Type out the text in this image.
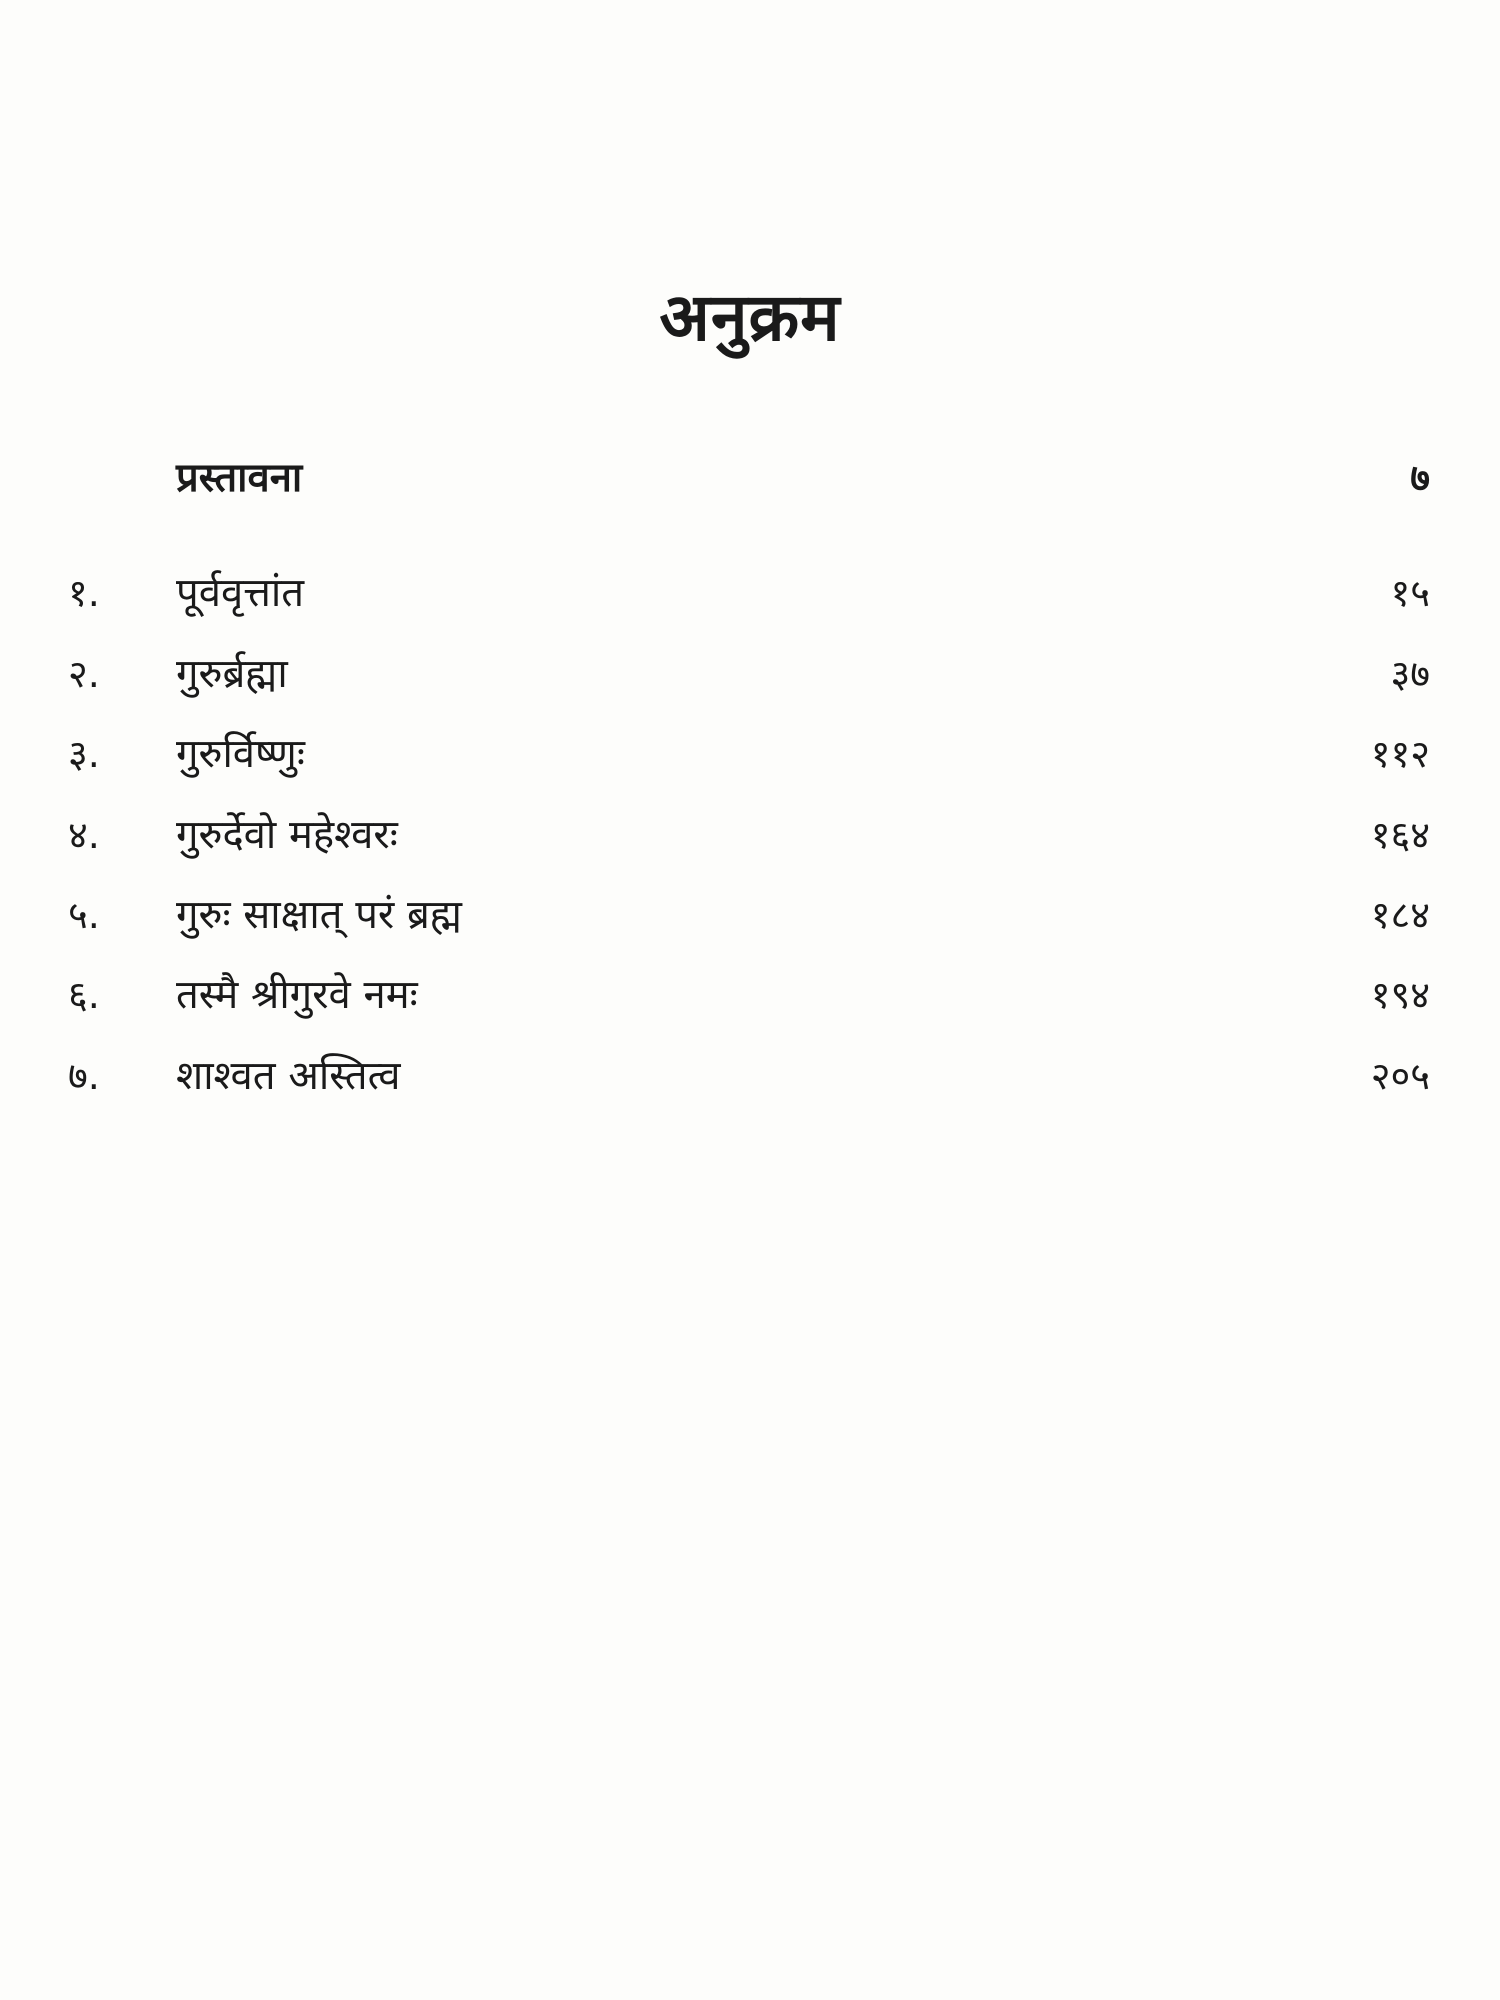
अनुक्रम
प्रस्तावना	७
१. पूर्ववृत्तांत	१५
२. गुरुर्ब्रह्मा	३७
३. गुरुर्विष्णुः	११२
४. गुरुर्देवो महेश्वरः	१६४
५. गुरुः साक्षात् परं ब्रह्म	१८४
६. तस्मै श्रीगुरवे नमः	१९४
७. शाश्वत अस्तित्व	२०५
